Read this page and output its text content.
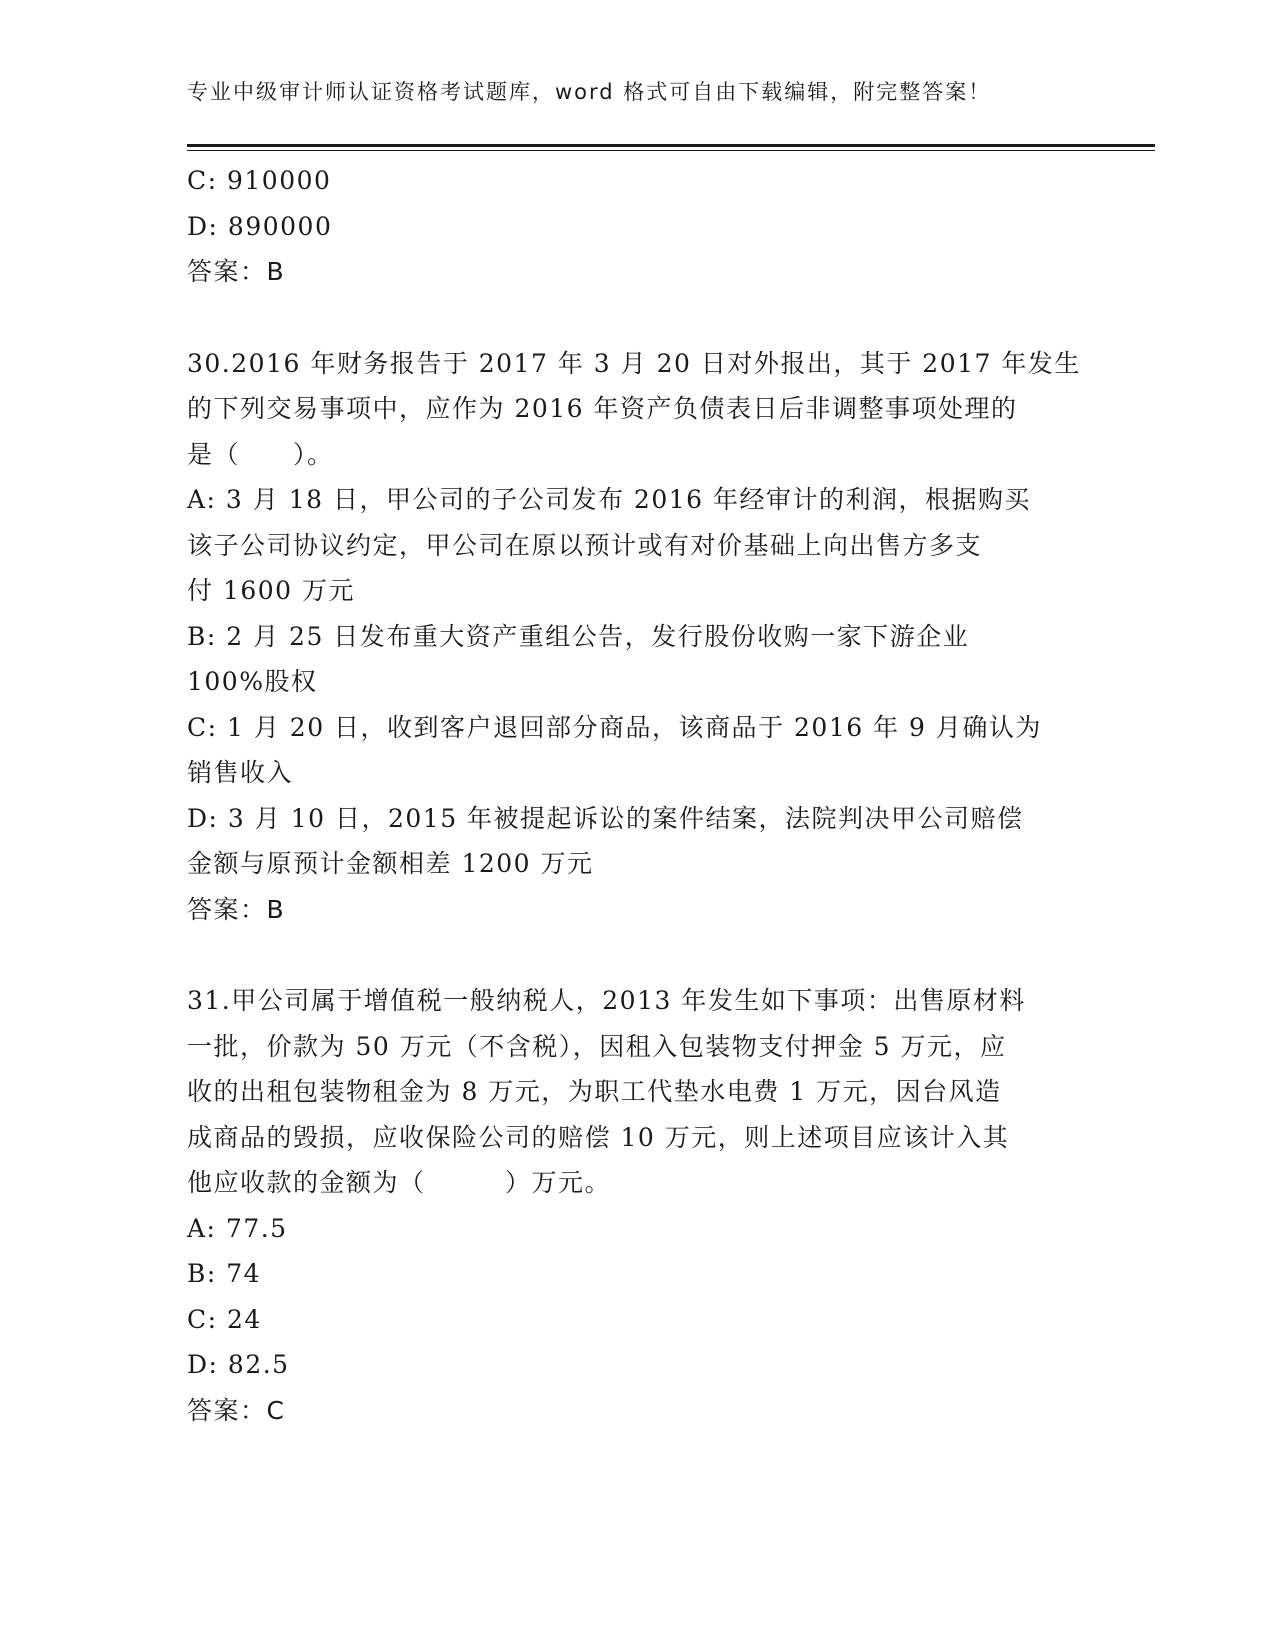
专业中级审计师认证资格考试题库，word 格式可自由下载编辑，附完整答案！
C: 910000
D: 890000
答案：B
30.2016 年财务报告于 2017 年 3 月 20 日对外报出，其于 2017 年发生
的下列交易事项中，应作为 2016 年资产负债表日后非调整事项处理的
是（　　）。
A: 3 月 18 日，甲公司的子公司发布 2016 年经审计的利润，根据购买
该子公司协议约定，甲公司在原以预计或有对价基础上向出售方多支
付 1600 万元
B: 2 月 25 日发布重大资产重组公告，发行股份收购一家下游企业
100%股权
C: 1 月 20 日，收到客户退回部分商品，该商品于 2016 年 9 月确认为
销售收入
D: 3 月 10 日，2015 年被提起诉讼的案件结案，法院判决甲公司赔偿
金额与原预计金额相差 1200 万元
答案：B
31.甲公司属于增值税一般纳税人，2013 年发生如下事项：出售原材料
一批，价款为 50 万元（不含税），因租入包装物支付押金 5 万元，应
收的出租包装物租金为 8 万元，为职工代垫水电费 1 万元，因台风造
成商品的毁损，应收保险公司的赔偿 10 万元，则上述项目应该计入其
他应收款的金额为（　　　）万元。
A: 77.5
B: 74
C: 24
D: 82.5
答案：C
